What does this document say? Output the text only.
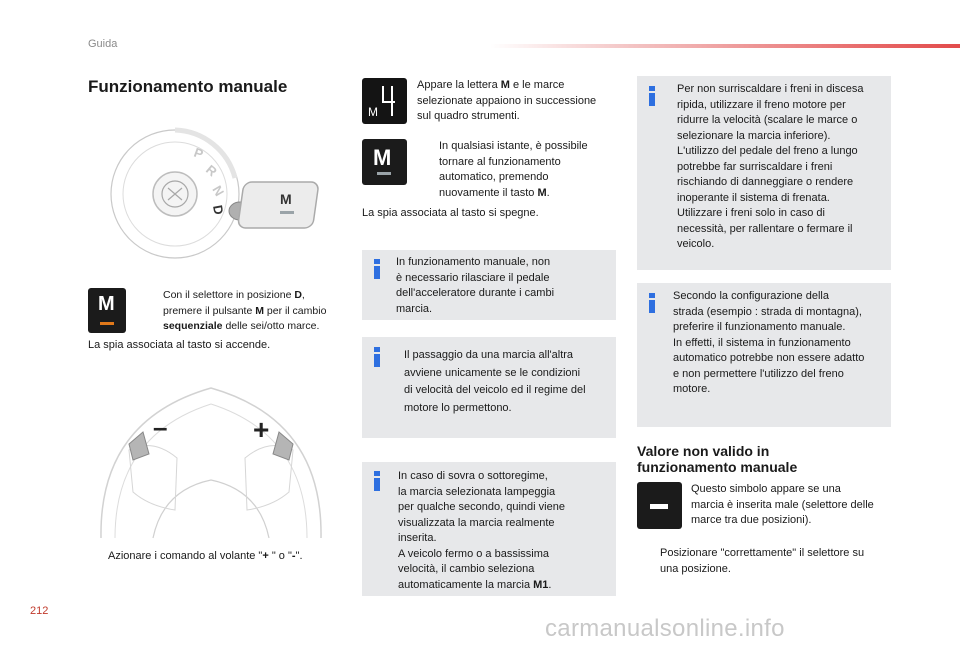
Guida
Funzionamento manuale
P
R
N
D
M
M	Con il selettore in posizione D,
premere il pulsante M per il cambio
sequenziale delle sei/otto marce.
La spia associata al tasto si accende.
–	+
Azionare i comando al volante "+ " o "-".
M
Appare la lettera M e le marce
selezionate appaiono in successione
sul quadro strumenti.
M	In qualsiasi istante, è possibile
tornare al funzionamento
automatico, premendo
nuovamente il tasto M.
La spia associata al tasto si spegne.
In funzionamento manuale, non
è necessario rilasciare il pedale
dell'acceleratore durante i cambi
marcia.
Il passaggio da una marcia all'altra
avviene unicamente se le condizioni
di velocità del veicolo ed il regime del
motore lo permettono.
In caso di sovra o sottoregime,
la marcia selezionata lampeggia
per qualche secondo, quindi viene
visualizzata la marcia realmente
inserita.
A veicolo fermo o a bassissima
velocità, il cambio seleziona
automaticamente la marcia M1.
Per non surriscaldare i freni in discesa
ripida, utilizzare il freno motore per
ridurre la velocità (scalare le marce o
selezionare la marcia inferiore).
L'utilizzo del pedale del freno a lungo
potrebbe far surriscaldare i freni
rischiando di danneggiare o rendere
inoperante il sistema di frenata.
Utilizzare i freni solo in caso di
necessità, per rallentare o fermare il
veicolo.
Secondo la configurazione della
strada (esempio : strada di montagna),
preferire il funzionamento manuale.
In effetti, il sistema in funzionamento
automatico potrebbe non essere adatto
e non permettere l'utilizzo del freno
motore.
Valore non valido in
funzionamento manuale
Questo simbolo appare se una
marcia è inserita male (selettore delle
marce tra due posizioni).
Posizionare "correttamente" il selettore su
una posizione.
212
carmanualsonline.info
